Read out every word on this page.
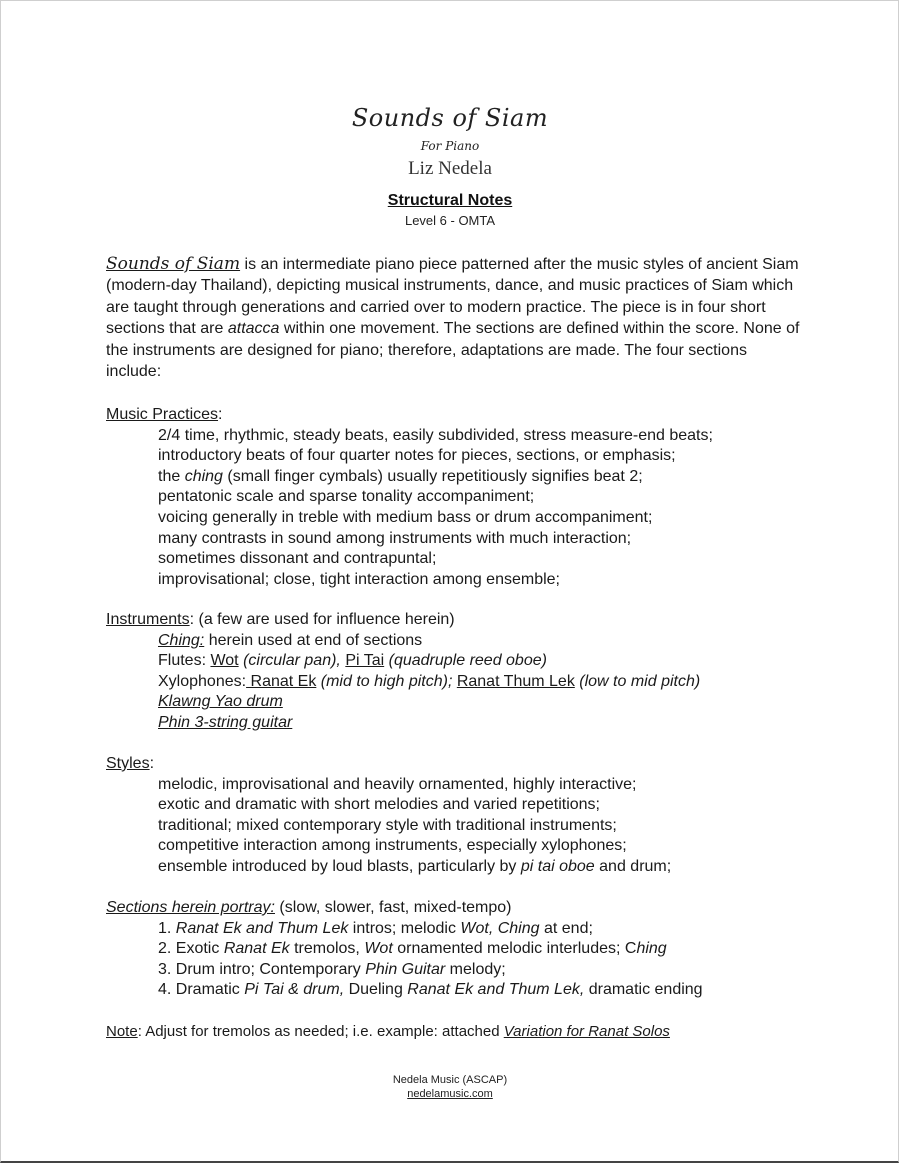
Sounds of Siam
For Piano
Liz Nedela
Structural Notes
Level 6 - OMTA
Sounds of Siam is an intermediate piano piece patterned after the music styles of ancient Siam (modern-day Thailand), depicting musical instruments, dance, and music practices of Siam which are taught through generations and carried over to modern practice. The piece is in four short sections that are attacca within one movement. The sections are defined within the score. None of the instruments are designed for piano; therefore, adaptations are made. The four sections include:
Music Practices:
2/4 time, rhythmic, steady beats, easily subdivided, stress measure-end beats;
introductory beats of four quarter notes for pieces, sections, or emphasis;
the ching (small finger cymbals) usually repetitiously signifies beat 2;
pentatonic scale and sparse tonality accompaniment;
voicing generally in treble with medium bass or drum accompaniment;
many contrasts in sound among instruments with much interaction;
sometimes dissonant and contrapuntal;
improvisational; close, tight interaction among ensemble;
Instruments: (a few are used for influence herein)
Ching: herein used at end of sections
Flutes: Wot (circular pan), Pi Tai (quadruple reed oboe)
Xylophones: Ranat Ek (mid to high pitch); Ranat Thum Lek (low to mid pitch)
Klawng Yao drum
Phin 3-string guitar
Styles:
melodic, improvisational and heavily ornamented, highly interactive;
exotic and dramatic with short melodies and varied repetitions;
traditional; mixed contemporary style with traditional instruments;
competitive interaction among instruments, especially xylophones;
ensemble introduced by loud blasts, particularly by pi tai oboe and drum;
Sections herein portray: (slow, slower, fast, mixed-tempo)
1. Ranat Ek and Thum Lek intros; melodic Wot, Ching at end;
2. Exotic Ranat Ek tremolos, Wot ornamented melodic interludes; Ching
3. Drum intro; Contemporary Phin Guitar melody;
4. Dramatic Pi Tai & drum, Dueling Ranat Ek and Thum Lek, dramatic ending
Note: Adjust for tremolos as needed; i.e. example: attached Variation for Ranat Solos
Nedela Music (ASCAP)
nedelamusic.com
